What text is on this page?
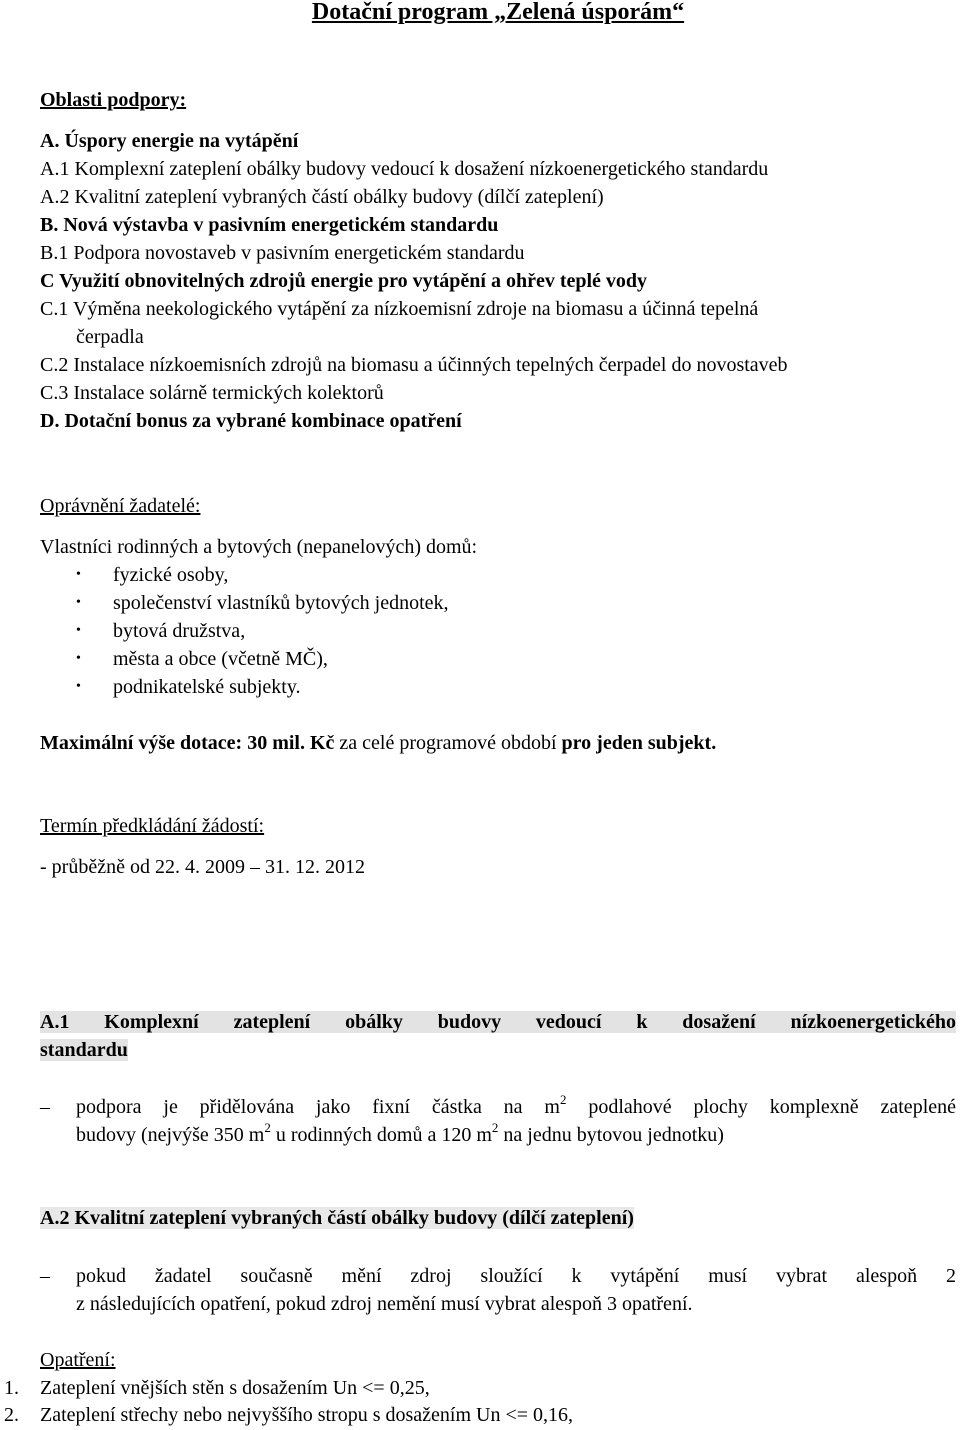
Dotační program „Zelená úsporám“
Oblasti podpory:
A. Úspory energie na vytápění
A.1 Komplexní zateplení obálky budovy vedoucí k dosažení nízkoenergetického standardu
A.2 Kvalitní zateplení vybraných částí obálky budovy (dílčí zateplení)
B. Nová výstavba v pasivním energetickém standardu
B.1 Podpora novostaveb v pasivním energetickém standardu
C Využití obnovitelných zdrojů energie pro vytápění a ohřev teplé vody
C.1 Výměna neekologického vytápění za nízkoemisní zdroje na biomasu a účinná tepelná
čerpadla
C.2 Instalace nízkoemisních zdrojů na biomasu a účinných tepelných čerpadel do novostaveb
C.3 Instalace solárně termických kolektorů
D. Dotační bonus za vybrané kombinace opatření
Oprávnění žadatelé:
Vlastníci rodinných a bytových (nepanelových) domů:
• fyzické osoby,
• společenství vlastníků bytových jednotek,
• bytová družstva,
• města a obce (včetně MČ),
• podnikatelské subjekty.
Maximální výše dotace: 30 mil. Kč za celé programové období pro jeden subjekt.
Termín předkládání žádostí:
- průběžně od 22. 4. 2009 – 31. 12. 2012
A.1 Komplexní zateplení obálky budovy vedoucí k dosažení nízkoenergetického
standardu
– podpora je přidělována jako fixní částka na $m^2$ podlahové plochy komplexně zateplené
budovy (nejvýše 350 $m^2$ u rodinných domů a 120 $m^2$ na jednu bytovou jednotku)
A.2 Kvalitní zateplení vybraných částí obálky budovy (dílčí zateplení)
– pokud žadatel současně mění zdroj sloužící k vytápění musí vybrat alespoň 2
z následujících opatření, pokud zdroj nemění musí vybrat alespoň 3 opatření.
Opatření:
1. Zateplení vnějších stěn s dosažením Un <= 0,25,
2. Zateplení střechy nebo nejvyššího stropu s dosažením Un <= 0,16,
